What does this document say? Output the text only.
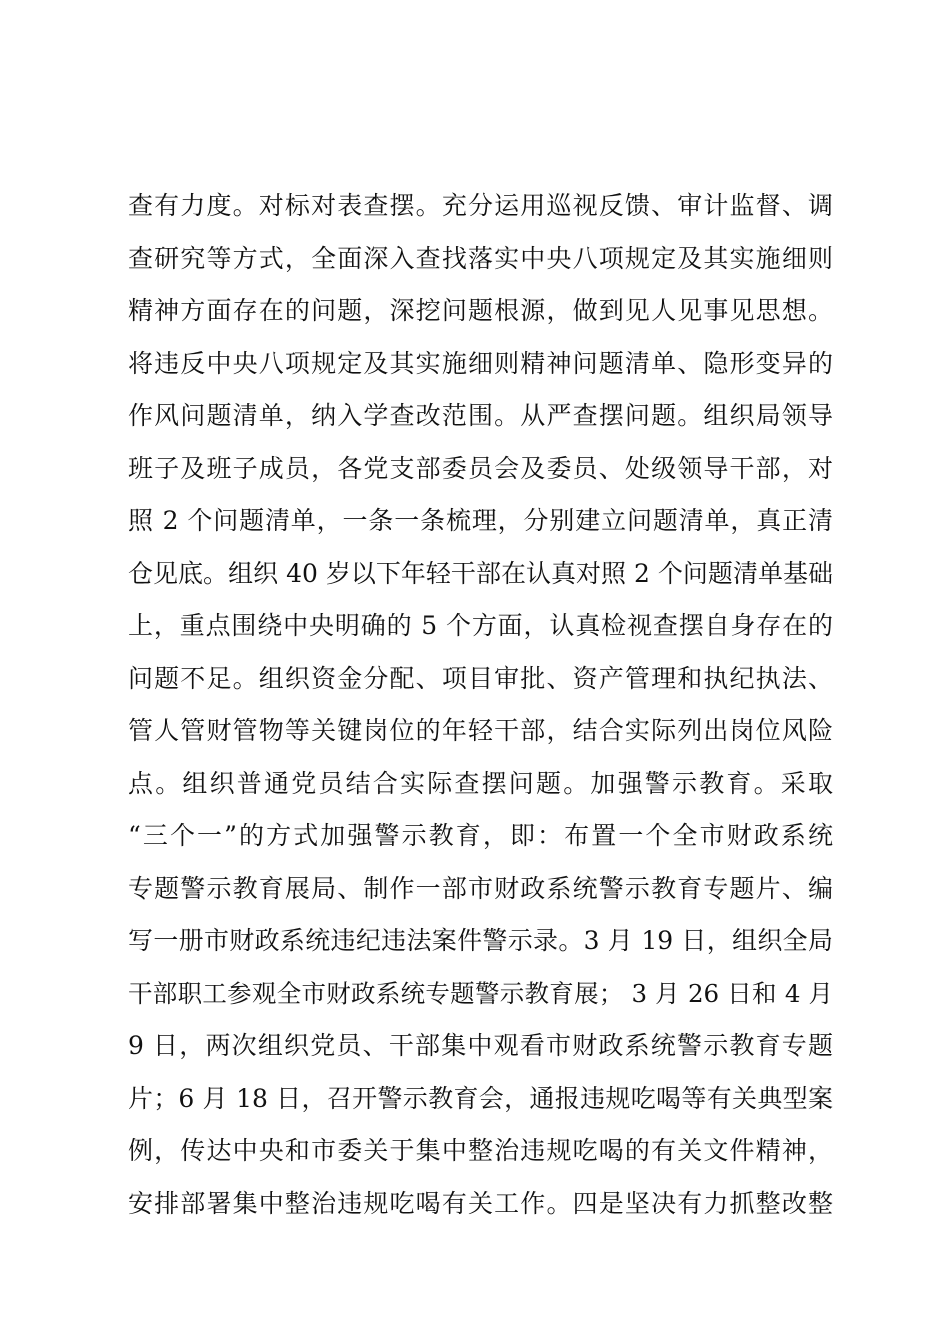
查有力度。对标对表查摆。充分运用巡视反馈、审计监督、调
查研究等方式，全面深入查找落实中央八项规定及其实施细则
精神方面存在的问题，深挖问题根源，做到见人见事见思想。
将违反中央八项规定及其实施细则精神问题清单、隐形变异的
作风问题清单，纳入学查改范围。从严查摆问题。组织局领导
班子及班子成员，各党支部委员会及委员、处级领导干部，对
照 2 个问题清单，一条一条梳理，分别建立问题清单，真正清
仓见底。组织 40 岁以下年轻干部在认真对照 2 个问题清单基础
上，重点围绕中央明确的 5 个方面，认真检视查摆自身存在的
问题不足。组织资金分配、项目审批、资产管理和执纪执法、
管人管财管物等关键岗位的年轻干部，结合实际列出岗位风险
点。组织普通党员结合实际查摆问题。加强警示教育。采取
“三个一”的方式加强警示教育，即：布置一个全市财政系统
专题警示教育展局、制作一部市财政系统警示教育专题片、编
写一册市财政系统违纪违法案件警示录。3 月 19 日，组织全局
干部职工参观全市财政系统专题警示教育展； 3 月 26 日和 4 月
9 日，两次组织党员、干部集中观看市财政系统警示教育专题
片；6 月 18 日，召开警示教育会，通报违规吃喝等有关典型案
例，传达中央和市委关于集中整治违规吃喝的有关文件精神，
安排部署集中整治违规吃喝有关工作。四是坚决有力抓整改整
